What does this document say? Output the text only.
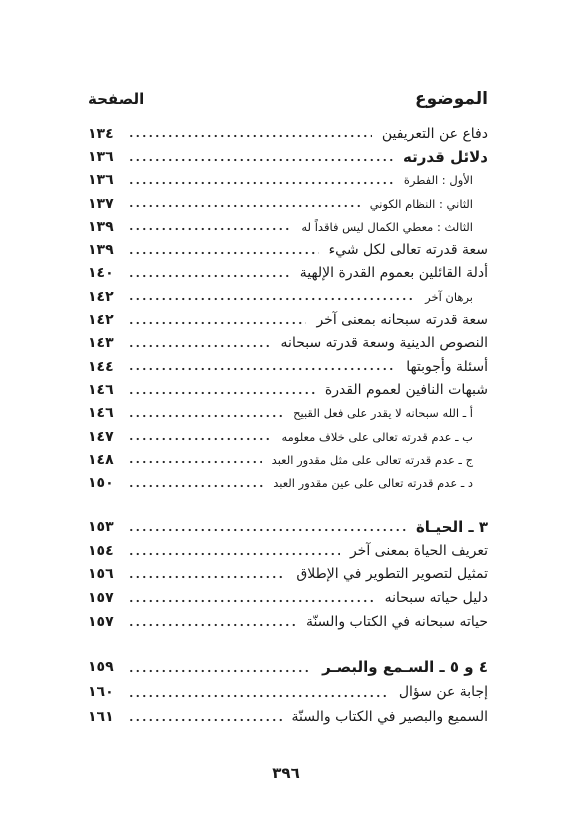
الموضوع
الصفحة
دفاع عن التعريفين
١٣٤
دلائل قدرته
١٣٦
الأول : الفطرة
١٣٦
الثاني : النظام الكوني
١٣٧
الثالث : معطي الكمال ليس فاقداً له
١٣٩
سعة قدرته تعالى لكل شيء
١٣٩
أدلة القائلين بعموم القدرة الإلهية
١٤٠
برهان آخر
١٤٢
سعة قدرته سبحانه بمعنى آخر
١٤٢
النصوص الدينية وسعة قدرته سبحانه
١٤٣
أسئلة وأجوبتها
١٤٤
شبهات النافين لعموم القدرة
١٤٦
أ ـ الله سبحانه لا يقدر على فعل القبيح
١٤٦
ب ـ عدم قدرته تعالى على خلاف معلومه
١٤٧
ج ـ عدم قدرته تعالى على مثل مقدور العبد
١٤٨
د ـ عدم قدرته تعالى على عين مقدور العبد
١٥٠
٣ ـ الحيـاة
١٥٣
تعريف الحياة بمعنى آخر
١٥٤
تمثيل لتصوير التطوير في الإطلاق
١٥٦
دليل حياته سبحانه
١٥٧
حياته سبحانه في الكتاب والسنّة
١٥٧
٤ و ٥ ـ السـمع والبصـر
١٥٩
إجابة عن سؤال
١٦٠
السميع والبصير في الكتاب والسنّة
١٦١
٣٩٦
